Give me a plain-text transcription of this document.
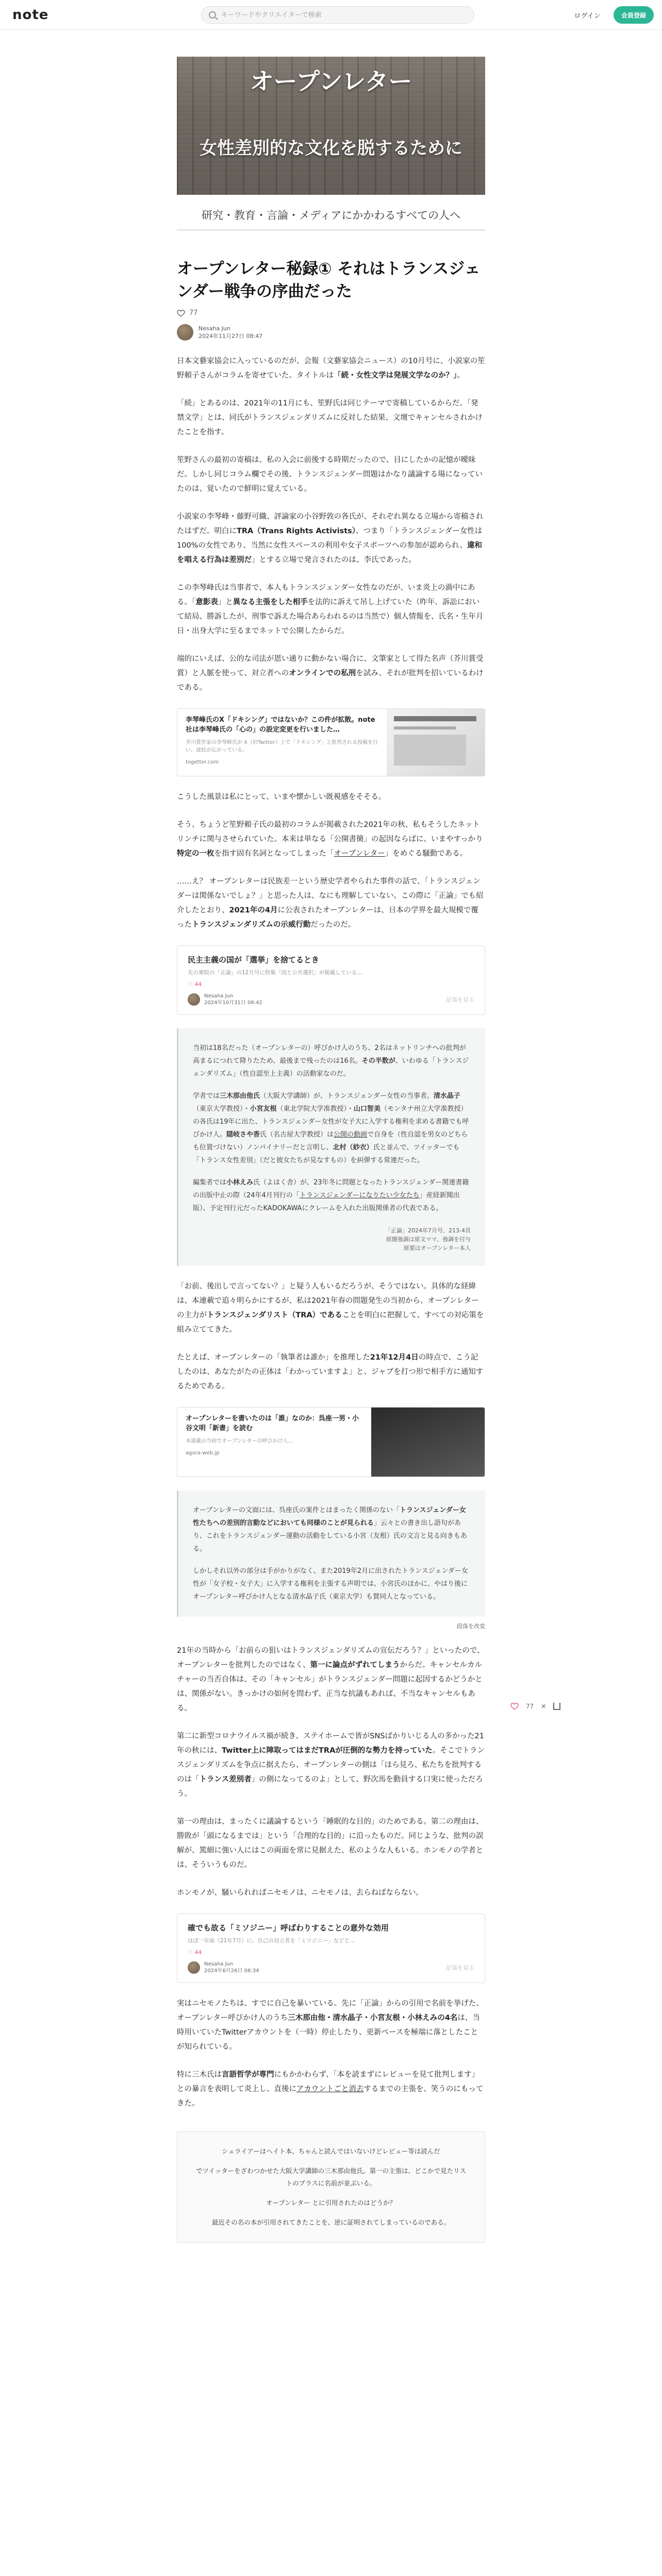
note
キーワードやクリエイターで検索	ログイン	会員登録
オープンレター
女性差別的な文化を脱するために
研究・教育・言論・メディアにかかわるすべての人へ
オープンレター秘録① それはトランスジェンダー戦争の序曲だった
77
Nesaha Jun
2024年11月27日 08:47

日本文藝家協会に入っているのだが、会報（文藝家協会ニュース）の10月号に、小説家の笙野頼子さんがコラムを寄せていた。タイトルは「続・女性文学は発展文学なのか？」。

「続」とあるのは、2021年の11月にも、笙野氏は同じテーマで寄稿しているからだ。「発禁文学」とは、同氏がトランスジェンダリズムに反対した結果、文壇でキャンセルされかけたことを指す。

笙野さんの最初の寄稿は、私の入会に前後する時期だったので、目にしたかの記憶が曖昧だ。しかし同じコラム欄でその後、トランスジェンダー問題はかなり議論する場になっていたのは、覚いたので鮮明に覚えている。

小説家の李琴峰・藤野可織、評論家の小谷野敦の各氏が、それぞれ異なる立場から寄稿されたはずだ。明白にTRA（Trans Rights Activists）、つまり「トランスジェンダー女性は100%の女性であり、当然に女性スペースの利用や女子スポーツへの参加が認められ、違和を唱える行為は差別だ」とする立場で発言されたのは、李氏であった。

この李琴峰氏は当事者で、本人もトランスジェンダー女性なのだが、いま炎上の渦中にある。「意影表」と異なる主張をした相手を法的に訴えて吊し上げていた（昨年、訴訟において結局、勝訴したが、刑事で訴えた場合あらわれるのは当然で）個人情報を、氏名・生年月日・出身大学に至るまでネットで公開したからだ。

端的にいえば、公的な司法が恩い通りに動かない場合に、文筆家として得た名声（芥川賞受賞）と人脈を使って、対立者へのオンラインでの私刑を試み、それが批判を招いているわけである。

李琴峰氏のX「ドキシング」ではないか？この件が拡散。note社は李琴峰氏の「心の」の設定変更を行いました…
芥川賞作家の李琴峰氏が X（旧Twitter）上で「ドキシング」と批判される投稿を行い、波紋が広がっている。
togetter.com

こうした風景は私にとって、いまや懐かしい既視感をそそる。

そう、ちょうど笙野頼子氏の最初のコラムが掲載された2021年の秋、私もそうしたネットリンチに関与させられていた。本来は単なる「公開書簡」の起因ならばに、いまやすっかり特定の一枚を指す固有名詞となってしまった「オープンレター」をめぐる騒動である。

……え？ オープンレターは民族差一という歴史学者やられた事件の話で、「トランスジェンダーは関係ないでしょ？」と思った人は、なにも理解していない。この際に「正論」でも紹介したとおり、2021年の4月に公表されたオープンレターは、日本の学界を最大規模で覆ったトランスジェンダリズムの示威行動だったのだ。

民主主義の国が「選挙」を捨てるとき
先の衆院の「正論」の12月号に特集「国と公共選択」が掲載している…
♡ 44
Nesaha Jun
2024年10月31日 06:42	記事を見る

当初は18名だった（オープンレターの）呼びかけ人のうち、2名はネットリンチへの批判が高まるにつれて降りたため、最後まで残ったのは16名。その半数が、いわゆる「トランスジェンダリズム」（性自認至上主義）の活動家なのだ。

学者では三木那由他氏（大阪大学講師）が、トランスジェンダー女性の当事者。清水晶子（東京大学教授）・小宮友根（東北学院大学准教授）・山口智美（モンタナ州立大学准教授）の各氏は19年に出た、トランスジェンダー女性が女子大に入学する権利を求める書籍でも呼びかけ人。隠岐さや香氏（名古屋大学教授）は公開の動画で自身を（性自認を男女のどちらも位置づけない）ノンバイナリーだと言明し、北村（紗衣）氏と並んで、ツイッターでも「トランス女性差別」（だと彼女たちが見なすもの）を糾弾する常連だった。

編集者では小林えみ氏（よはく舎）が、23年冬に問題となったトランスジェンダー関連書籍の出版中止の際（24年4月刊行の「トランスジェンダーになりたい少女たち」産経新聞出版）、予定刊行元だったKADOKAWAにクレームを入れた出版関係者の代表である。

「正論」2024年7月号、213-4頁
原題強調は原文ママ、強調を付与
原要はオープンレター本人

「お前、後出しで言ってない？」と疑う人もいるだろうが、そうではない。具体的な経緯は、本連載で追々明らかにするが、私は2021年春の問題発生の当初から、オープンレターの主力がトランスジェンダリスト（TRA）であることを明白に把握して、すべての対応策を組み立ててきた。

たとえば、オープンレターの「執筆者は誰か」を推理した21年12月4日の時点で、こう記したのは、あなたがたの正体は「わかっていますよ」と、ジャブを打つ形で相手方に通知するためである。

オープンレターを書いたのは「誰」なのか：呉座一男・小谷文明「新書」を読む
本連載の当初でオープンレターの呼びかけ人…
agora-web.jp

オープンレターの文面には、呉座氏の案件とはまったく関係のない「トランスジェンダー女性たちへの差別的言動などにおいても同様のことが見られる」云々との書き出し語句があり、これをトランスジェンダー運動の活動をしている小宮（友根）氏の文言と見る向きもある。

しかしそれ以外の部分は手がかりがなく、また2019年2月に出されたトランスジェンダー女性が「女子校・女子大」に入学する権利を主張する声明では、小宮氏のほかに、やはり後にオープンレター呼びかけ人となる清水晶子氏（東京大学）も賛同人となっている。

段落を改変

21年の当時から「お前らの狙いはトランスジェンダリズムの宣伝だろう？」といったので、オープンレターを批判したのではなく、第一に論点がずれてしまうからだ。キャンセルカルチャーの当否自体は、その「キャンセル」がトランスジェンダー問題に起因するかどうかとは、関係がない。きっかけの如何を問わず、正当な抗議もあれば、不当なキャンセルもある。

第二に新型コロナウイルス禍が続き、ステイホームで皆がSNSばかりいじる人の多かった21年の秋には、Twitter上に陣取ってはまだTRAが圧倒的な勢力を持っていた。そこでトランスジェンダリズムを争点に据えたら、オープンレターの側は「ほら見ろ、私たちを批判するのは「トランス差別者」の側になってるのよ」として、野次馬を動員する口実に使っただろう。

第一の理由は、まったくに議論するという「睡眠的な目的」のためである。第二の理由は、勝敗が「頭になるまでは」という「合理的な目的」に沿ったものだ。同じような、批判の誤解が、篤細に強い人にはこの両面を常に見据えた、私のような人もいる。ホンモノの学者とは、そういうものだ。

ホンモノが、騒いられればニセモノは、ニセモノは、去らねばならない。

確でも故る「ミソジニー」呼ばわりすることの意外な効用
ほぼ一年前（21年7月）に、自己の対立者を「ミソジニー」などと…
♡ 44
Nesaha Jun
2024年6月26日 06:34	記事を見る

実はニセモノたちは、すでに自己を暴いている。先に「正論」からの引用で名前を挙げた、オープンレター呼びかけ人のうち三木那由他・清水晶子・小宮友根・小林えみの4名は、当時用いていたTwitterアカウントを（一時）停止したり、更新ペースを極端に落としたことが知られている。

特に三木氏は言語哲学が専門にもかかわらず、「本を読まずにレビューを見て批判します」との暴言を表明して炎上し、直後にアカウントごと消去するまでの主張を、笑うのにもってきた。

シュライアーはヘイト本、ちゃんと読んではいないけどレビュー等は読んだ

でツイッターをざわつかせた大阪大学講師の三木那由他氏。第一の主張は、どこかで見たリストのプラスに名前が並ぶいる。

オープンレター とに引用されたのはどうか？

最近その名の本が引用されてきたことを、逆に証明されてしまっているのである。

77 ✕
